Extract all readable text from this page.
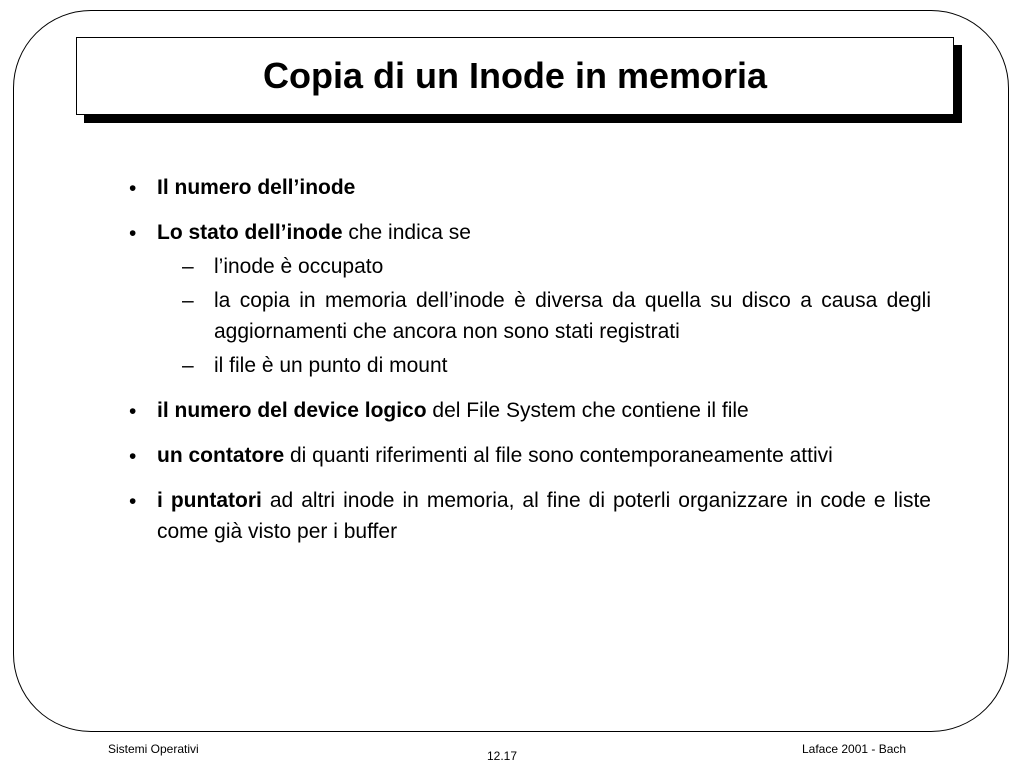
Copia di un Inode in memoria
• Il numero dell’inode
• Lo stato dell’inode che indica se
– l’inode è occupato
– la copia in memoria dell’inode è diversa da quella su disco a causa degli aggiornamenti che ancora non sono stati registrati
– il file è un punto di mount
• il numero del device logico del File System che contiene il file
• un contatore di quanti riferimenti al file sono contemporaneamente attivi
• i puntatori ad altri inode in memoria, al fine di poterli organizzare in code e liste come già visto per i buffer
Sistemi Operativi	12.17	Laface 2001 - Bach
